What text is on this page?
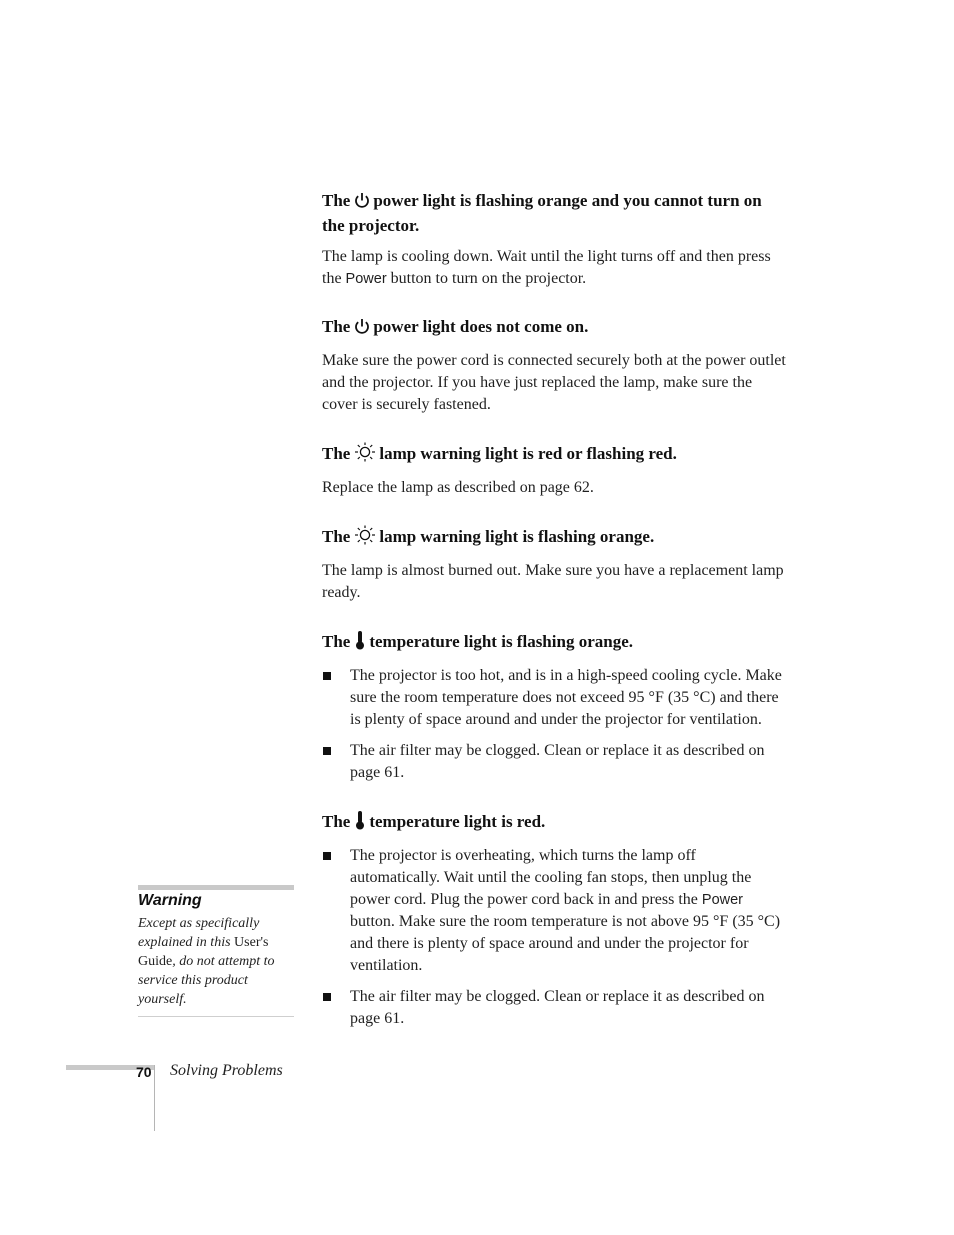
The power light is flashing orange and you cannot turn on the projector.

The lamp is cooling down. Wait until the light turns off and then press the Power button to turn on the projector.

The power light does not come on.

Make sure the power cord is connected securely both at the power outlet and the projector. If you have just replaced the lamp, make sure the cover is securely fastened.

The lamp warning light is red or flashing red.

Replace the lamp as described on page 62.

The lamp warning light is flashing orange.

The lamp is almost burned out. Make sure you have a replacement lamp ready.

The temperature light is flashing orange.
The projector is too hot, and is in a high-speed cooling cycle. Make sure the room temperature does not exceed 95 °F (35 °C) and there is plenty of space around and under the projector for ventilation.
The air filter may be clogged. Clean or replace it as described on page 61.
The temperature light is red.
The projector is overheating, which turns the lamp off automatically. Wait until the cooling fan stops, then unplug the power cord. Plug the power cord back in and press the Power button. Make sure the room temperature is not above 95 °F (35 °C) and there is plenty of space around and under the projector for ventilation.
The air filter may be clogged. Clean or replace it as described on page 61.
Warning
Except as specifically explained in this User's Guide, do not attempt to service this product yourself.
70 Solving Problems
